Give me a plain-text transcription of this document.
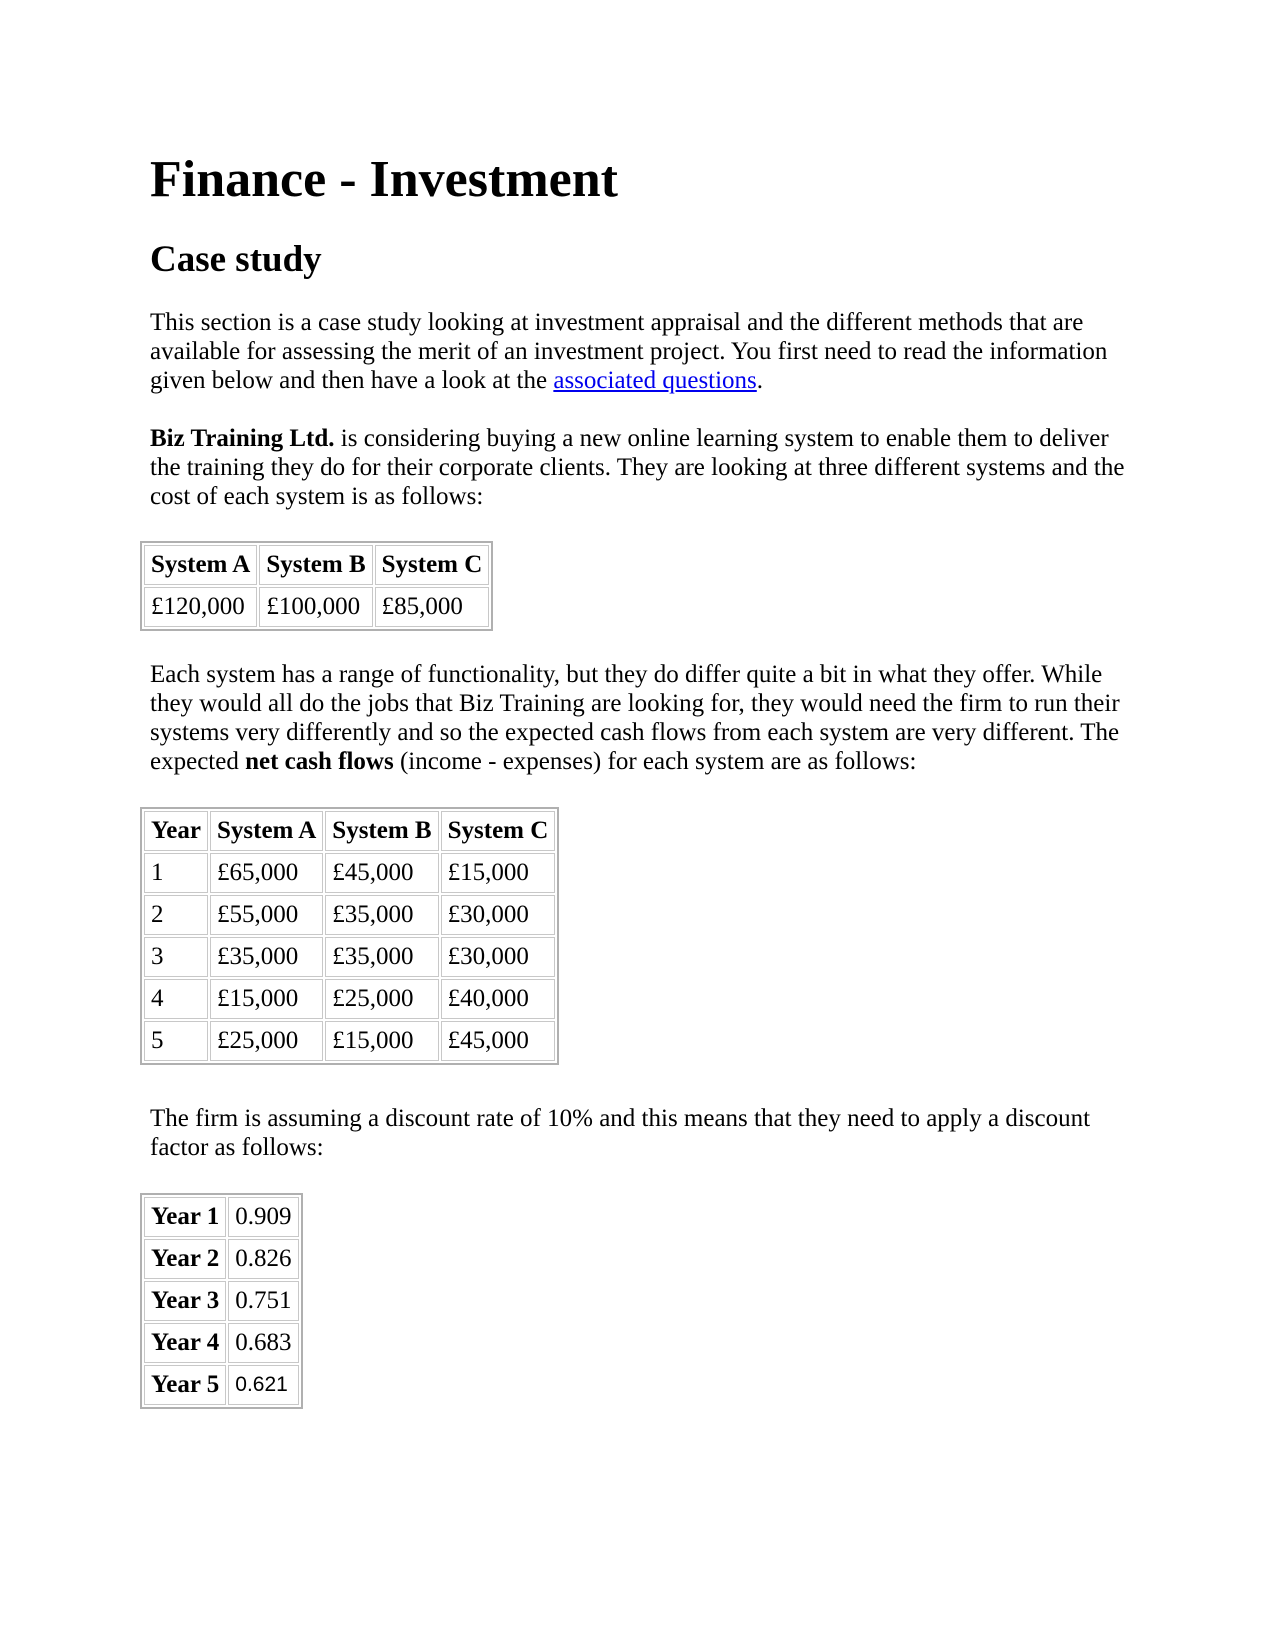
Finance - Investment
Case study

This section is a case study looking at investment appraisal and the different methods that are available for assessing the merit of an investment project. You first need to read the information given below and then have a look at the associated questions.

Biz Training Ltd. is considering buying a new online learning system to enable them to deliver the training they do for their corporate clients. They are looking at three different systems and the cost of each system is as follows:

System A	System B	System C
£120,000	£100,000	£85,000

Each system has a range of functionality, but they do differ quite a bit in what they offer. While they would all do the jobs that Biz Training are looking for, they would need the firm to run their systems very differently and so the expected cash flows from each system are very different. The expected net cash flows (income - expenses) for each system are as follows:

Year	System A	System B	System C
1	£65,000	£45,000	£15,000
2	£55,000	£35,000	£30,000
3	£35,000	£35,000	£30,000
4	£15,000	£25,000	£40,000
5	£25,000	£15,000	£45,000

The firm is assuming a discount rate of 10% and this means that they need to apply a discount factor as follows:

Year 1	0.909
Year 2	0.826
Year 3	0.751
Year 4	0.683
Year 5	0.621
